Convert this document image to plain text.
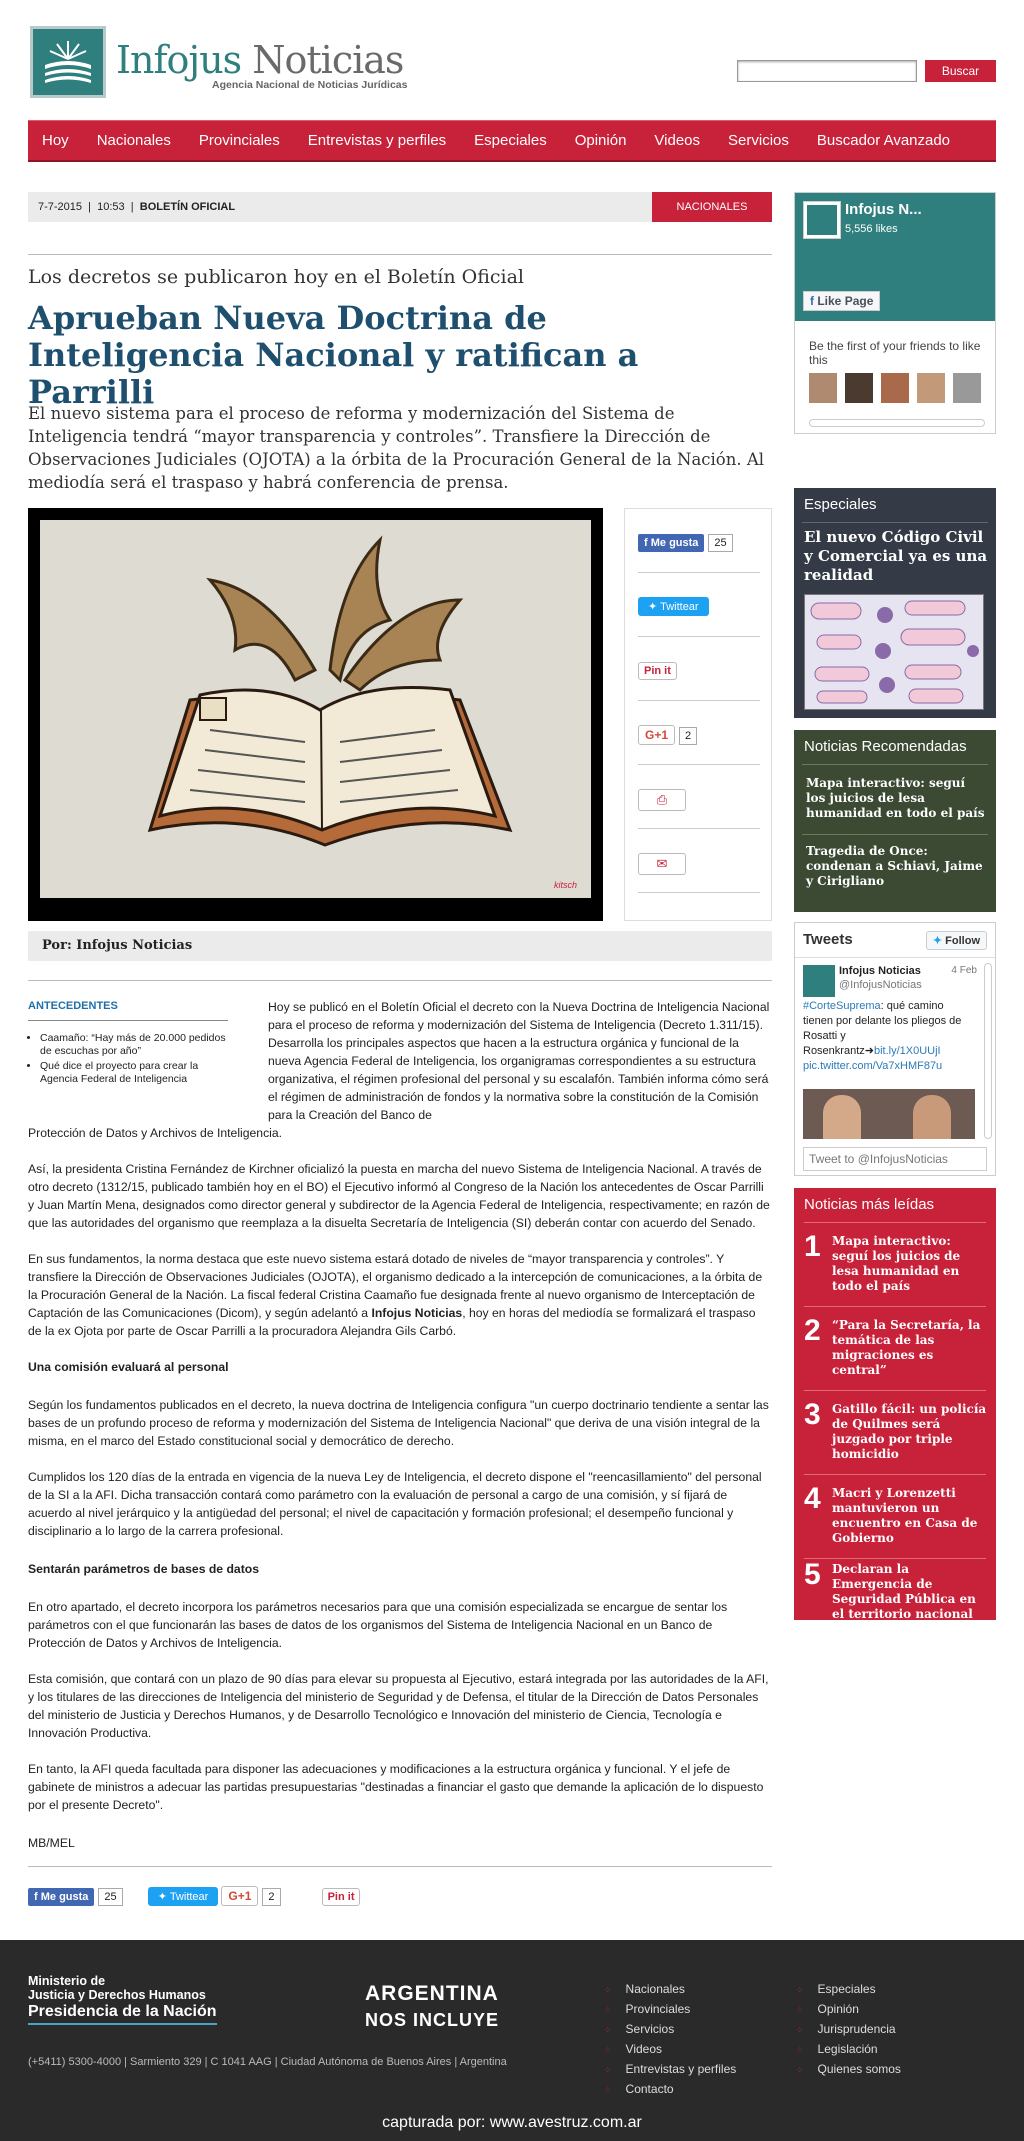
Infojus Noticias
Agencia Nacional de Noticias Jurídicas
Buscar
Hoy	Nacionales	Provinciales	Entrevistas y perfiles	Especiales	Opinión	Videos	Servicios	Buscador Avanzado
7-7-2015  |  10:53  |  BOLETÍN OFICIAL	NACIONALES
Los decretos se publicaron hoy en el Boletín Oficial
Aprueban Nueva Doctrina de Inteligencia Nacional y ratifican a Parrilli
El nuevo sistema para el proceso de reforma y modernización del Sistema de Inteligencia tendrá “mayor transparencia y controles”. Transfiere la Dirección de Observaciones Judiciales (OJOTA) a la órbita de la Procuración General de la Nación. Al mediodía será el traspaso y habrá conferencia de prensa.
kitsch
f Me gusta 25
✦ Twittear
Pin it
G+1 2
⎙
✉
Por: Infojus Noticias
ANTECEDENTES
• Caamaño: “Hay más de 20.000 pedidos de escuchas por año”
• Qué dice el proyecto para crear la Agencia Federal de Inteligencia
Hoy se publicó en el Boletín Oficial el decreto con la Nueva Doctrina de Inteligencia Nacional para el proceso de reforma y modernización del Sistema de Inteligencia (Decreto 1.311/15). Desarrolla los principales aspectos que hacen a la estructura orgánica y funcional de la nueva Agencia Federal de Inteligencia, los organigramas correspondientes a su estructura organizativa, el régimen profesional del personal y su escalafón. También informa cómo será el régimen de administración de fondos y la normativa sobre la constitución de la Comisión para la Creación del Banco de
Protección de Datos y Archivos de Inteligencia.
Así, la presidenta Cristina Fernández de Kirchner oficializó la puesta en marcha del nuevo Sistema de Inteligencia Nacional. A través de otro decreto (1312/15, publicado también hoy en el BO) el Ejecutivo informó al Congreso de la Nación los antecedentes de Oscar Parrilli y Juan Martín Mena, designados como director general y subdirector de la Agencia Federal de Inteligencia, respectivamente; en razón de que las autoridades del organismo que reemplaza a la disuelta Secretaría de Inteligencia (SI) deberán contar con acuerdo del Senado.
En sus fundamentos, la norma destaca que este nuevo sistema estará dotado de niveles de “mayor transparencia y controles”. Y transfiere la Dirección de Observaciones Judiciales (OJOTA), el organismo dedicado a la intercepción de comunicaciones, a la órbita de la Procuración General de la Nación. La fiscal federal Cristina Caamaño fue designada frente al nuevo organismo de Interceptación de Captación de las Comunicaciones (Dicom), y según adelantó a Infojus Noticias, hoy en horas del mediodía se formalizará el traspaso de la ex Ojota por parte de Oscar Parrilli a la procuradora Alejandra Gils Carbó.
Una comisión evaluará al personal
Según los fundamentos publicados en el decreto, la nueva doctrina de Inteligencia configura "un cuerpo doctrinario tendiente a sentar las bases de un profundo proceso de reforma y modernización del Sistema de Inteligencia Nacional" que deriva de una visión integral de la misma, en el marco del Estado constitucional social y democrático de derecho.
Cumplidos los 120 días de la entrada en vigencia de la nueva Ley de Inteligencia, el decreto dispone el "reencasillamiento" del personal de la SI a la AFI. Dicha transacción contará como parámetro con la evaluación de personal a cargo de una comisión, y sí fijará de acuerdo al nivel jerárquico y la antigüedad del personal; el nivel de capacitación y formación profesional; el desempeño funcional y disciplinario a lo largo de la carrera profesional.
Sentarán parámetros de bases de datos
En otro apartado, el decreto incorpora los parámetros necesarios para que una comisión especializada se encargue de sentar los parámetros con el que funcionarán las bases de datos de los organismos del Sistema de Inteligencia Nacional en un Banco de Protección de Datos y Archivos de Inteligencia.
Esta comisión, que contará con un plazo de 90 días para elevar su propuesta al Ejecutivo, estará integrada por las autoridades de la AFI, y los titulares de las direcciones de Inteligencia del ministerio de Seguridad y de Defensa, el titular de la Dirección de Datos Personales del ministerio de Justicia y Derechos Humanos, y de Desarrollo Tecnológico e Innovación del ministerio de Ciencia, Tecnología e Innovación Productiva.
En tanto, la AFI queda facultada para disponer las adecuaciones y modificaciones a la estructura orgánica y funcional. Y el jefe de gabinete de ministros a adecuar las partidas presupuestarias "destinadas a financiar el gasto que demande la aplicación de lo dispuesto por el presente Decreto".
MB/MEL
f Me gusta 25	✦ Twittear G+1 2	Pin it
Infojus N...
5,556 likes
f Like Page
Be the first of your friends to like this
Especiales
El nuevo Código Civil y Comercial ya es una realidad
Noticias Recomendadas
Mapa interactivo: seguí los juicios de lesa humanidad en todo el país
Tragedia de Once: condenan a Schiavi, Jaime y Cirigliano
Tweets	✦ Follow
Infojus Noticias
@InfojusNoticias
4 Feb
#CorteSuprema: qué camino tienen por delante los pliegos de Rosatti y Rosenkrantz➜bit.ly/1X0UUjI
pic.twitter.com/Va7xHMF87u
Tweet to @InfojusNoticias
Noticias más leídas
1 Mapa interactivo: seguí los juicios de lesa humanidad en todo el país
2 “Para la Secretaría, la temática de las migraciones es central”
3 Gatillo fácil: un policía de Quilmes será juzgado por triple homicidio
4 Macri y Lorenzetti mantuvieron un encuentro en Casa de Gobierno
5 Declaran la Emergencia de Seguridad Pública en el territorio nacional
Ministerio de
Justicia y Derechos Humanos
Presidencia de la Nación
ARGENTINA
NOS INCLUYE
(+5411) 5300-4000 | Sarmiento 329 | C 1041 AAG | Ciudad Autónoma de Buenos Aires | Argentina
⁘ Nacionales
⁘ Provinciales
⁘ Servicios
⁘ Videos
⁘ Entrevistas y perfiles
⁘ Contacto
⁘ Especiales
⁘ Opinión
⁘ Jurisprudencia
⁘ Legislación
⁘ Quienes somos
capturada por: www.avestruz.com.ar
